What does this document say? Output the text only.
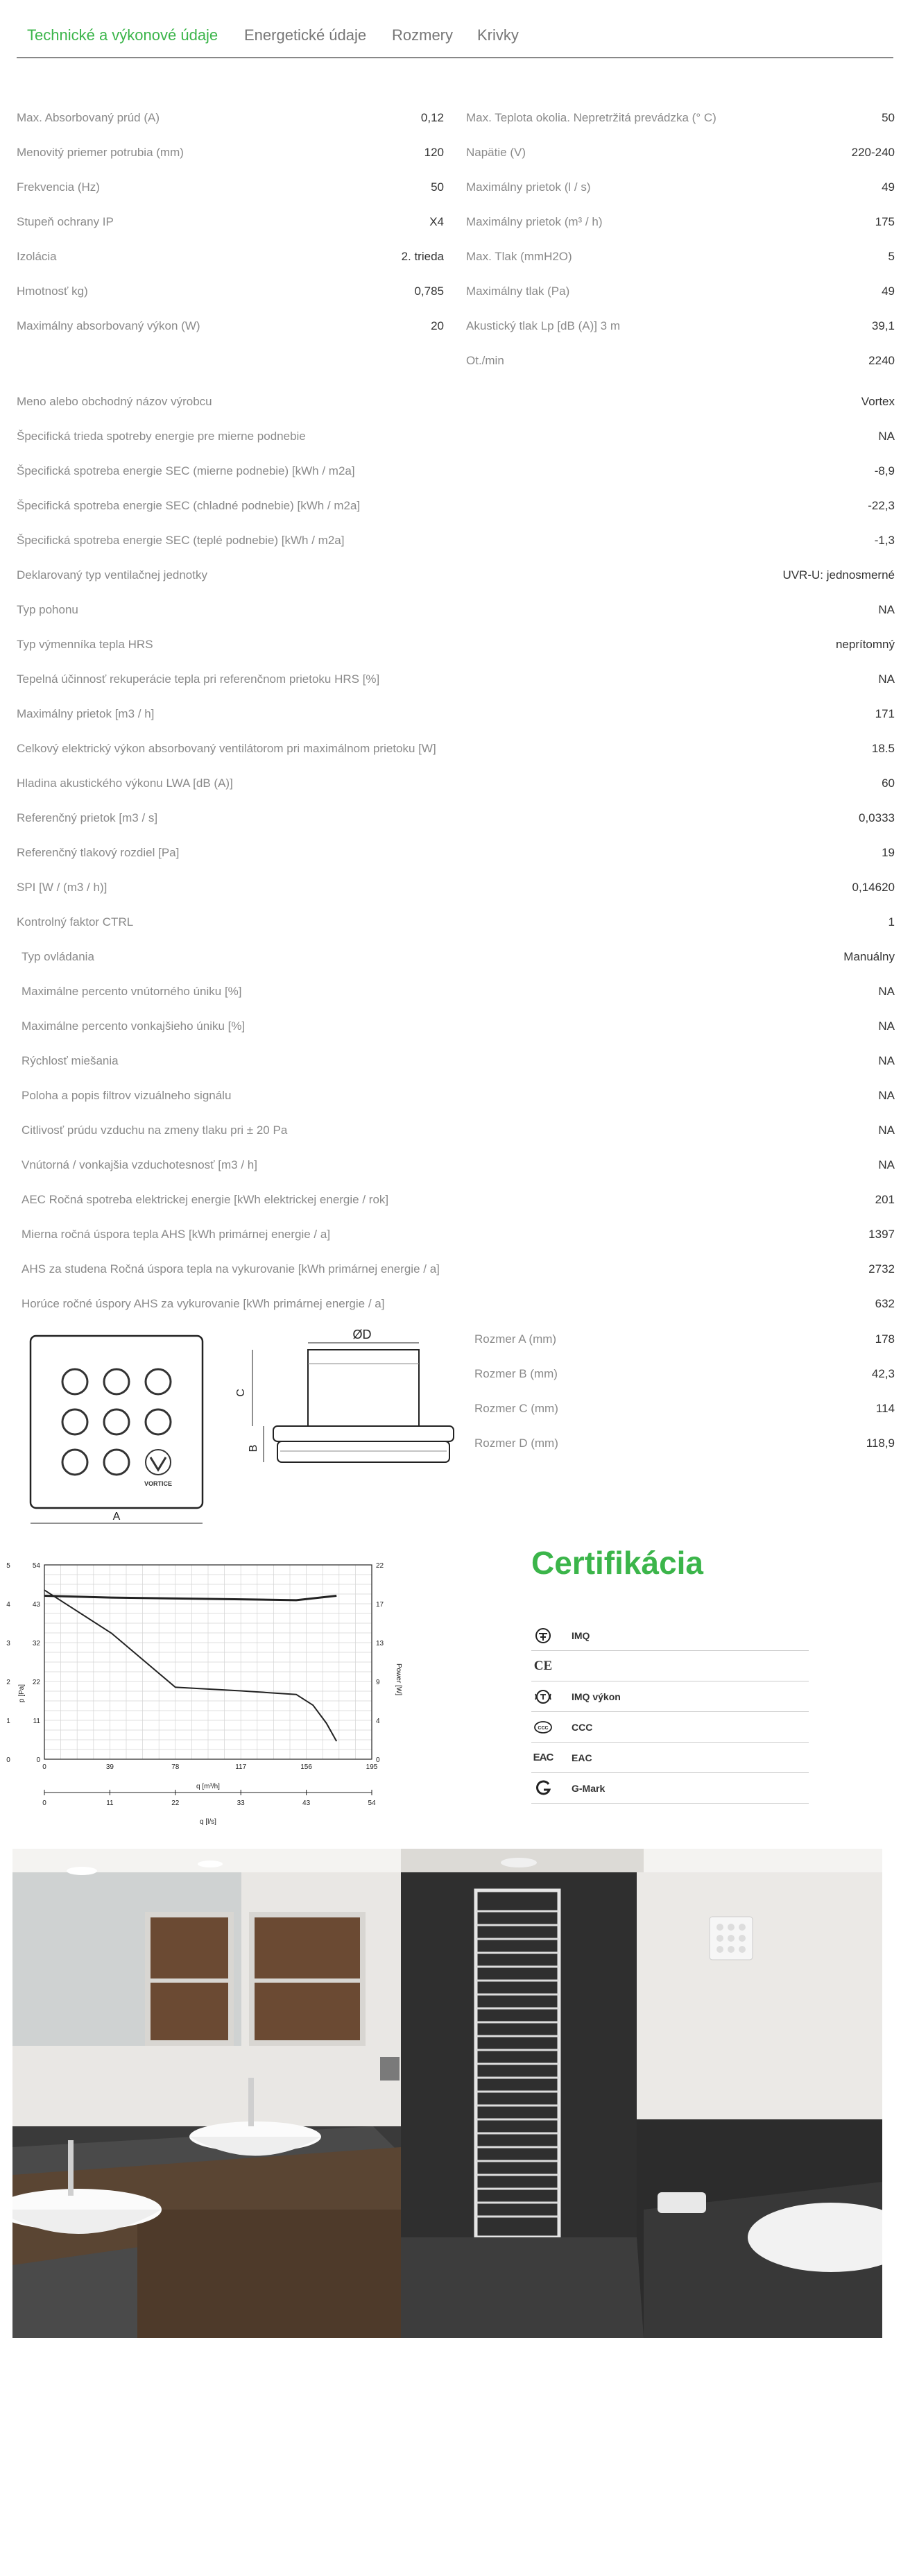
Technické a výkonové údaje Energetické údaje Rozmery Krivky
Max. Absorbovaný prúd (A)	0,12
Menovitý priemer potrubia (mm)	120
Frekvencia (Hz)	50
Stupeň ochrany IP	X4
Izolácia	2. trieda
Hmotnosť kg)	0,785
Maximálny absorbovaný výkon (W)	20
Max. Teplota okolia. Nepretržitá prevádzka (° C)	50
Napätie (V)	220-240
Maximálny prietok (l / s)	49
Maximálny prietok (m³ / h)	175
Max. Tlak (mmH2O)	5
Maximálny tlak (Pa)	49
Akustický tlak Lp [dB (A)] 3 m	39,1
Ot./min	2240
Meno alebo obchodný názov výrobcu	Vortex
Špecifická trieda spotreby energie pre mierne podnebie	NA
Špecifická spotreba energie SEC (mierne podnebie) [kWh / m2a]	-8,9
Špecifická spotreba energie SEC (chladné podnebie) [kWh / m2a]	-22,3
Špecifická spotreba energie SEC (teplé podnebie) [kWh / m2a]	-1,3
Deklarovaný typ ventilačnej jednotky	UVR-U: jednosmerné
Typ pohonu	NA
Typ výmenníka tepla HRS	neprítomný
Tepelná účinnosť rekuperácie tepla pri referenčnom prietoku HRS [%]	NA
Maximálny prietok [m3 / h]	171
Celkový elektrický výkon absorbovaný ventilátorom pri maximálnom prietoku [W]	18.5
Hladina akustického výkonu LWA [dB (A)]	60
Referenčný prietok [m3 / s]	0,0333
Referenčný tlakový rozdiel [Pa]	19
SPI [W / (m3 / h)]	0,14620
Kontrolný faktor CTRL	1
Typ ovládania	Manuálny
Maximálne percento vnútorného úniku [%]	NA
Maximálne percento vonkajšieho úniku [%]	NA
Rýchlosť miešania	NA
Poloha a popis filtrov vizuálneho signálu	NA
Citlivosť prúdu vzduchu na zmeny tlaku pri ± 20 Pa	NA
Vnútorná / vonkajšia vzduchotesnosť [m3 / h]	NA
AEC Ročná spotreba elektrickej energie [kWh elektrickej energie / rok]	201
Mierna ročná úspora tepla AHS [kWh primárnej energie / a]	1397
AHS za studena Ročná úspora tepla na vykurovanie [kWh primárnej energie / a]	2732
Horúce ročné úspory AHS za vykurovanie [kWh primárnej energie / a]	632
VORTICE
A
ØD
C
B
Rozmer A (mm)	178
Rozmer B (mm)	42,3
Rozmer C (mm)	114
Rozmer D (mm)	118,9
0	39	78	117	156	195
0	11	22	33	43	54
0
11
22
32
43
54
0
1
2
3
4
5
0
4
9
13
17
22
q [m³/h]
q [l/s]
p [Pa]	Power [W]
Certifikácia
IMQ
CE
IMQ výkon
CCC CCC
EAC EAC
G-Mark
